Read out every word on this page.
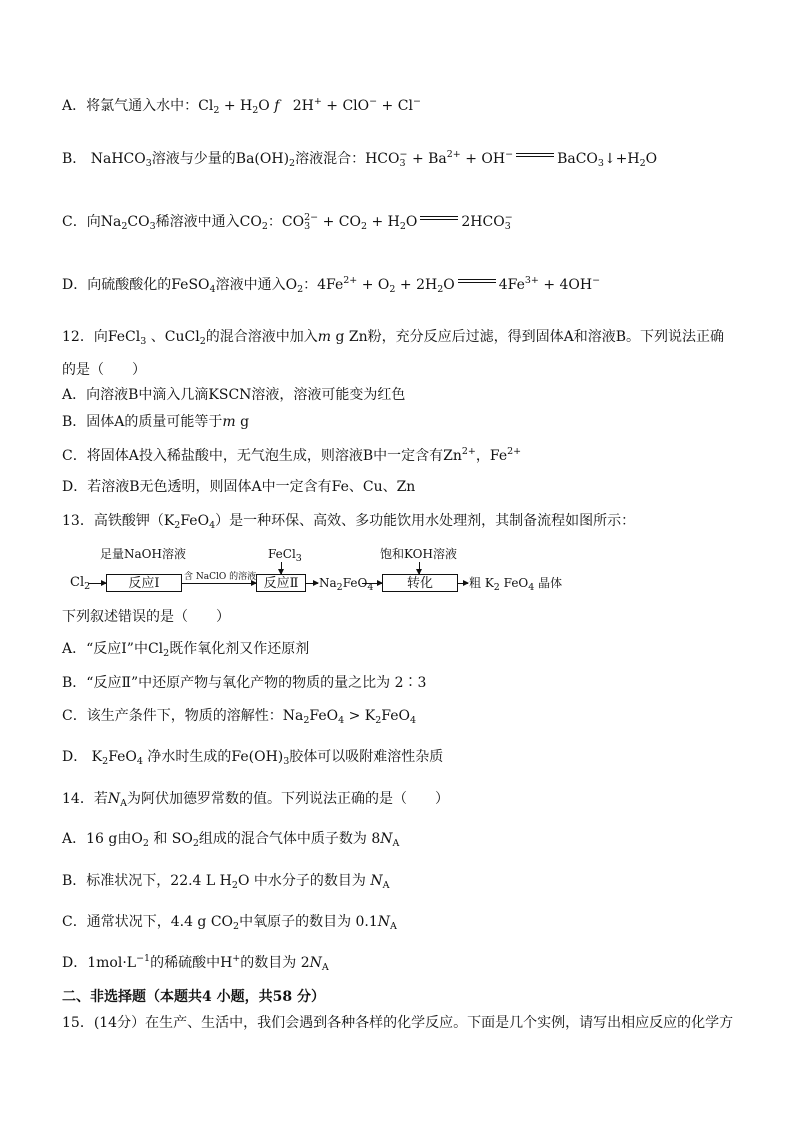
A．将氯气通入水中：$Cl_2 + H_2O$ f   2H+ + ClO− + Cl−
B． NaHCO$_3$溶液与少量的$Ba(OH)_2$溶液混合：$HCO_3^- + Ba^{2+} + OH^-$	$BaCO_3↓+H_2O$
C．向$Na_2CO_3$稀溶液中通入$CO_2$：$CO_3^{2-} + CO_2 + H_2O$	$2HCO_3^-$
D．向硫酸酸化的FeSO$_4$溶液中通入$O_2$：$4Fe^{2+} + O_2 + 2H_2O$	$4Fe^{3+} + 4OH^-$
12．向FeCl$_3$ 、CuCl$_2$的混合溶液中加入m g Zn粉，充分反应后过滤，得到固体A和溶液B。下列说法正确
的是（　　）
A．向溶液B中滴入几滴KSCN溶液，溶液可能变为红色
B．固体A的质量可能等于m g
C．将固体A投入稀盐酸中，无气泡生成，则溶液B中一定含有$Zn^{2+}$，$Fe^{2+}$
D．若溶液B无色透明，则固体A中一定含有Fe、Cu、Zn
13．高铁酸钾$(K_2FeO_4)$是一种环保、高效、多功能饮用水处理剂，其制备流程如图所示：
足量NaOH溶液	FeCl$_3$	饱和KOH溶液
$Cl_2$	反应Ⅰ	含 NaClO 的溶液 反应Ⅱ	$Na_2FeO_4$	转化	粗 $K_2$ FeO$_4$ 晶体
下列叙述错误的是（　　）
A．“反应Ⅰ”中$Cl_2$既作氧化剂又作还原剂
B．“反应Ⅱ”中还原产物与氧化产物的物质的量之比为 2∶3
C．该生产条件下，物质的溶解性：$Na_2FeO_4 > K_2FeO_4$
D． $K_2FeO_4$ 净水时生成的$Fe(OH)_3$胶体可以吸附难溶性杂质
14．若$N_A$为阿伏加德罗常数的值。下列说法正确的是（　　）
A．16 g由$O_2$ 和 $SO_2$组成的混合气体中质子数为 $8N_A$
B．标准状况下，22.4 L $H_2O$ 中水分子的数目为 $N_A$
C．通常状况下，4.4 g $CO_2$中氧原子的数目为 $0.1N_A$
D．$1mol\cdot L^{-1}$的稀硫酸中H+的数目为 $2N_A$
二、非选择题（本题共4 小题，共58 分）
15．(14分）在生产、生活中，我们会遇到各种各样的化学反应。下面是几个实例，请写出相应反应的化学方
